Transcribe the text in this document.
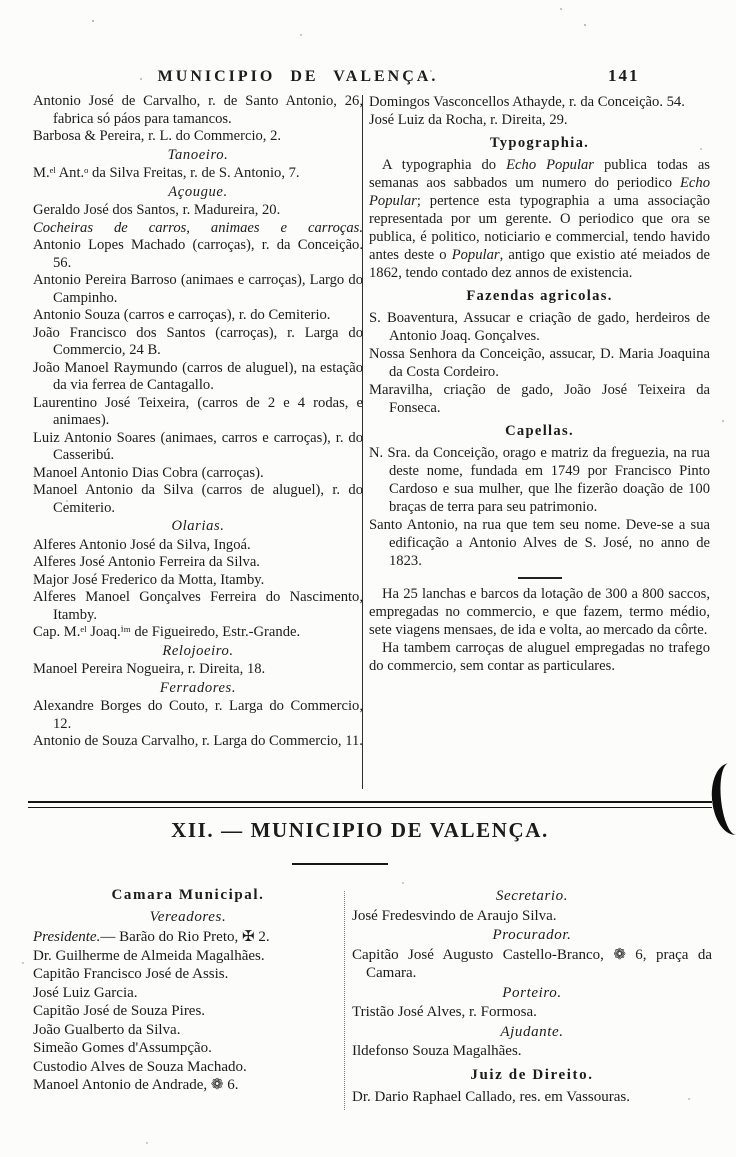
MUNICIPIO DE VALENÇA.	141
Antonio José de Carvalho, r. de Santo Antonio, 26, fabrica só páos para tamancos.
Barbosa & Pereira, r. L. do Commercio, 2.
Tanoeiro.
M.ᵉˡ Ant.ᵒ da Silva Freitas, r. de S. Antonio, 7.
Açougue.
Geraldo José dos Santos, r. Madureira, 20.
Cocheiras de carros, animaes e carroças.
Antonio Lopes Machado (carroças), r. da Conceição. 56.
Antonio Pereira Barroso (animaes e carroças), Largo do Campinho.
Antonio Souza (carros e carroças), r. do Cemiterio.
João Francisco dos Santos (carroças), r. Larga do Commercio, 24 B.
João Manoel Raymundo (carros de aluguel), na estação da via ferrea de Cantagallo.
Laurentino José Teixeira, (carros de 2 e 4 rodas, e animaes).
Luiz Antonio Soares (animaes, carros e carroças), r. do Casseribú.
Manoel Antonio Dias Cobra (carroças).
Manoel Antonio da Silva (carros de aluguel), r. do Cemiterio.
Olarias.
Alferes Antonio José da Silva, Ingoá.
Alferes José Antonio Ferreira da Silva.
Major José Frederico da Motta, Itamby.
Alferes Manoel Gonçalves Ferreira do Nascimento, Itamby.
Cap. M.ᵉˡ Joaq.ⁱᵐ de Figueiredo, Estr.-Grande.
Relojoeiro.
Manoel Pereira Nogueira, r. Direita, 18.
Ferradores.
Alexandre Borges do Couto, r. Larga do Commercio, 12.
Antonio de Souza Carvalho, r. Larga do Commercio, 11.
Domingos Vasconcellos Athayde, r. da Conceição. 54.
José Luiz da Rocha, r. Direita, 29.
Typographia.
A typographia do Echo Popular publica todas as semanas aos sabbados um numero do periodico Echo Popular; pertence esta typographia a uma associação representada por um gerente. O periodico que ora se publica, é politico, noticiario e commercial, tendo havido antes deste o Popular, antigo que existio até meiados de 1862, tendo contado dez annos de existencia.
Fazendas agricolas.
S. Boaventura, Assucar e criação de gado, herdeiros de Antonio Joaq. Gonçalves.
Nossa Senhora da Conceição, assucar, D. Maria Joaquina da Costa Cordeiro.
Maravilha, criação de gado, João José Teixeira da Fonseca.
Capellas.
N. Sra. da Conceição, orago e matriz da freguezia, na rua deste nome, fundada em 1749 por Francisco Pinto Cardoso e sua mulher, que lhe fizerão doação de 100 braças de terra para seu patrimonio.
Santo Antonio, na rua que tem seu nome. Deve-se a sua edificação a Antonio Alves de S. José, no anno de 1823.
Ha 25 lanchas e barcos da lotação de 300 a 800 saccos, empregadas no commercio, e que fazem, termo médio, sete viagens mensaes, de ida e volta, ao mercado da côrte.
Ha tambem carroças de aluguel empregadas no trafego do commercio, sem contar as particulares.
XII. — MUNICIPIO DE VALENÇA.
Camara Municipal.
Vereadores.
Presidente.— Barão do Rio Preto, ✠ 2.
Dr. Guilherme de Almeida Magalhães.
Capitão Francisco José de Assis.
José Luiz Garcia.
Capitão José de Souza Pires.
João Gualberto da Silva.
Simeão Gomes d'Assumpção.
Custodio Alves de Souza Machado.
Manoel Antonio de Andrade, ❁ 6.
Secretario.
José Fredesvindo de Araujo Silva.
Procurador.
Capitão José Augusto Castello-Branco, ❁ 6, praça da Camara.
Porteiro.
Tristão José Alves, r. Formosa.
Ajudante.
Ildefonso Souza Magalhães.
Juiz de Direito.
Dr. Dario Raphael Callado, res. em Vassouras.
